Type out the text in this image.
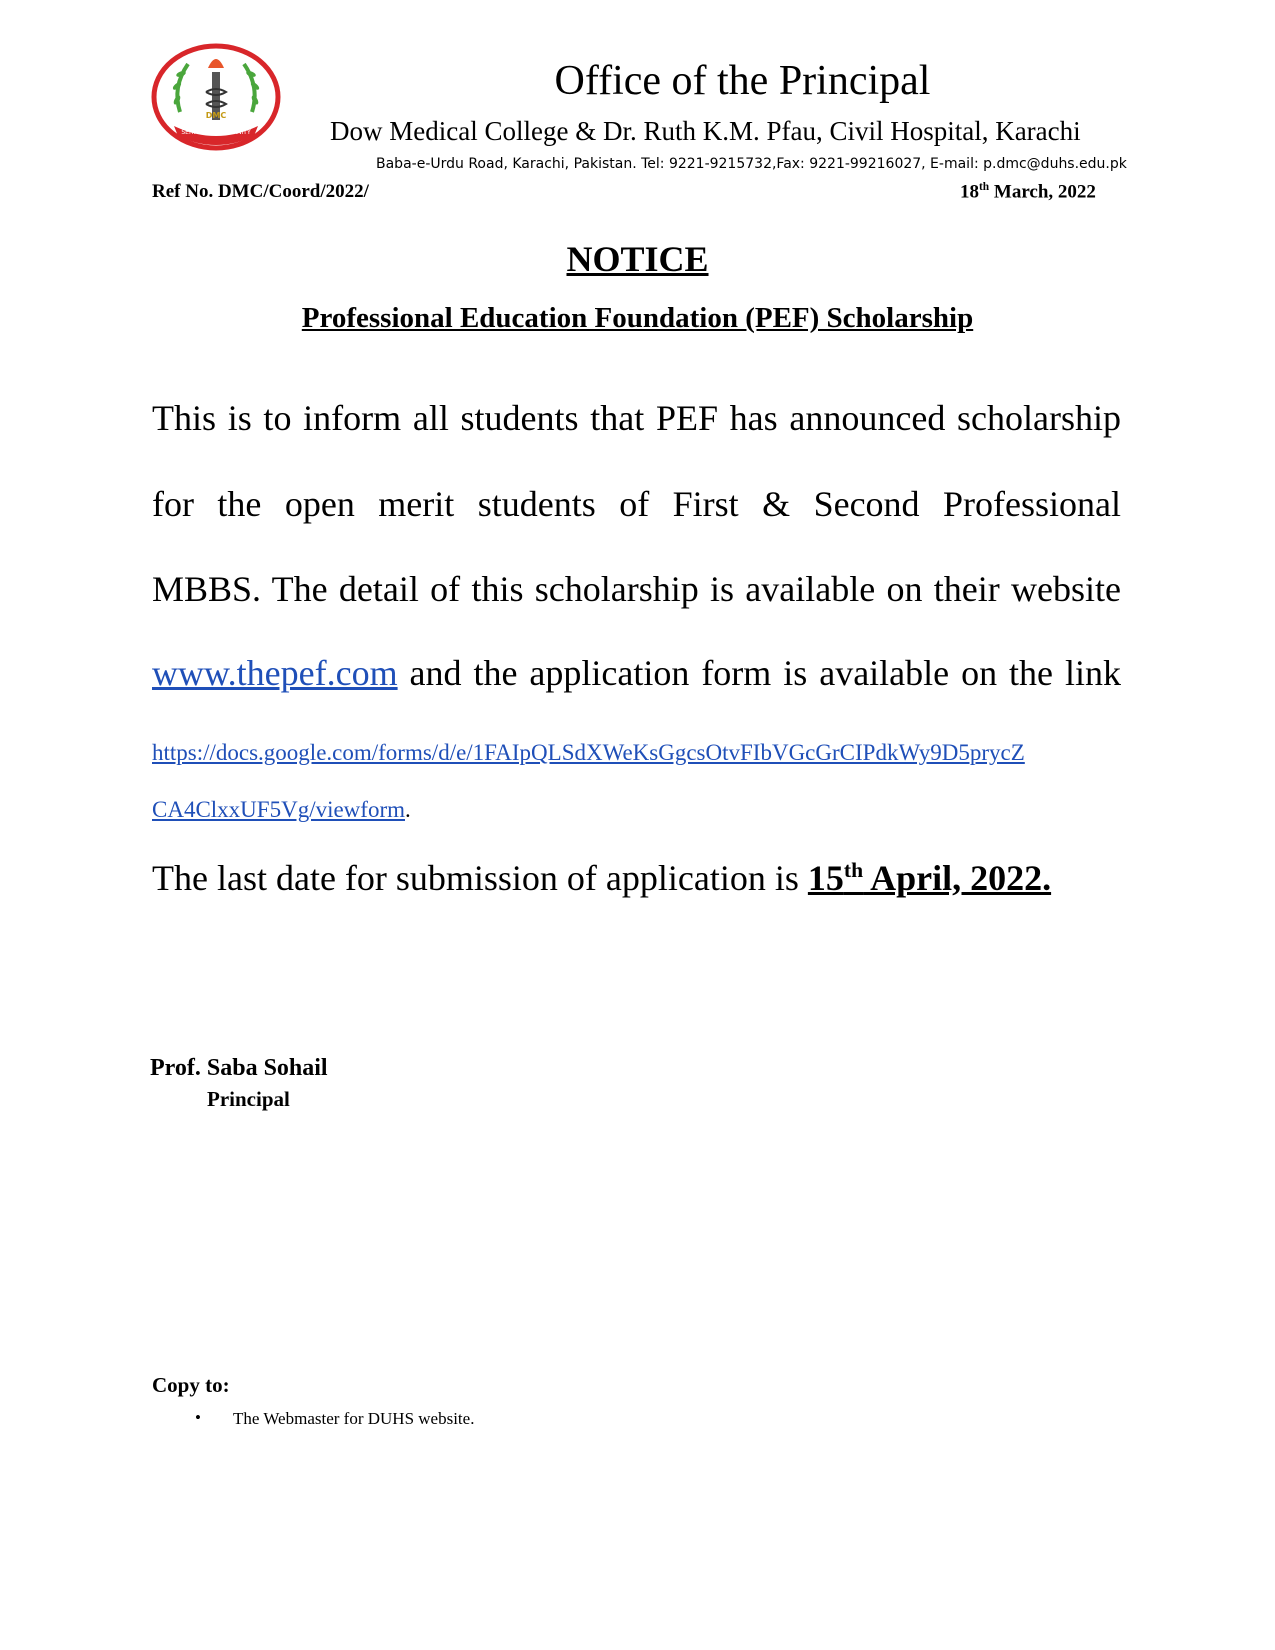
SERVICE TO HUMANITY
DMC
Office of the Principal
Dow Medical College & Dr. Ruth K.M. Pfau, Civil Hospital, Karachi
Baba-e-Urdu Road, Karachi, Pakistan. Tel: 9221-9215732,Fax: 9221-99216027, E-mail: p.dmc@duhs.edu.pk
Ref No. DMC/Coord/2022/	18th March, 2022
NOTICE
Professional Education Foundation (PEF) Scholarship
This is to inform all students that PEF has announced scholarship
for the open merit students of First & Second Professional
MBBS. The detail of this scholarship is available on their website
www.thepef.com and the application form is available on the link
https://docs.google.com/forms/d/e/1FAIpQLSdXWeKsGgcsOtvFIbVGcGrCIPdkWy9D5prycZ
CA4ClxxUF5Vg/viewform.
The last date for submission of application is 15th April, 2022.
Prof. Saba Sohail
Principal
Copy to:
• The Webmaster for DUHS website.
